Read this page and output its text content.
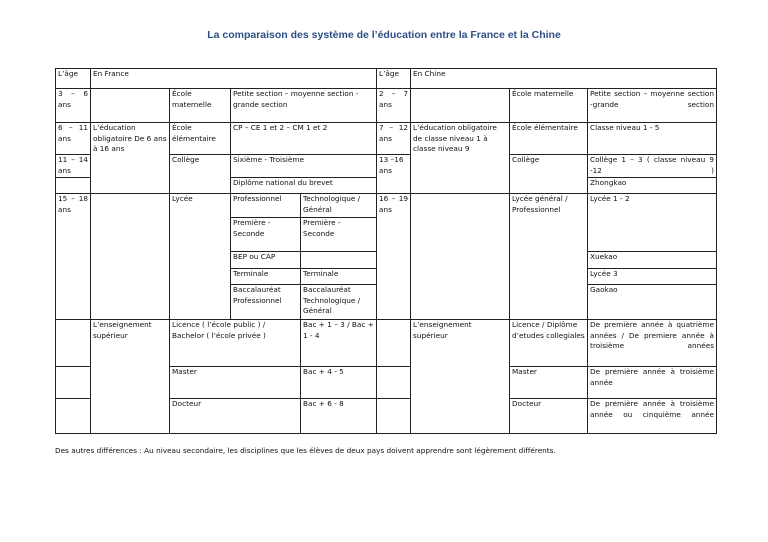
La comparaison des système de l’éducation entre la France et la Chine
L’âge	En France				L’âge	En Chine		
3 – 6 ans		École maternelle	Petite section – moyenne section - grande section		2 – 7 ans		École maternelle	Petite section – moyenne section -grande section
6 – 11 ans	L’éducation obligatoire De 6 ans à 16 ans	École élémentaire	CP – CE 1 et 2 – CM 1 et 2		7 – 12 ans	L’éducation obligatoire de classe niveau 1 à classe niveau 9	École élémentaire	Classe niveau 1 - 5
11 – 14 ans		Collège	Sixième - Troisième		13 –16 ans		Collège	Collège 1 – 3 ( classe niveau 9 -12 )
			Diplôme national du brevet					Zhongkao
15 – 18 ans		Lycée	Professionnel	Technologique / Général	16 – 19 ans		Lycée général / Professionnel	Lycée 1 - 2
			Première - Seconde	Première - Seconde				
			BEP ou CAP					Xuekao
			Terminale	Terminale				Lycée 3
			Baccalauréat Professionnel	Baccalauréat Technologique / Général				Gaokao
	L’enseignement supérieur	Licence ( l’école public ) / Bachelor ( l’école privée )		Bac + 1 – 3 / Bac + 1 - 4		L’enseignement supérieur	Licence / Diplôme d’etudes collegiales	De première année à quatrième années / De premiere année à troisième années
		Master		Bac + 4 - 5			Master	De première année à troisième année
		Docteur		Bac + 6 - 8			Docteur	De première année à troisième année ou cinquième année
Des autres différences : Au niveau secondaire, les disciplines que les élèves de deux pays doivent apprendre sont légèrement différents.
